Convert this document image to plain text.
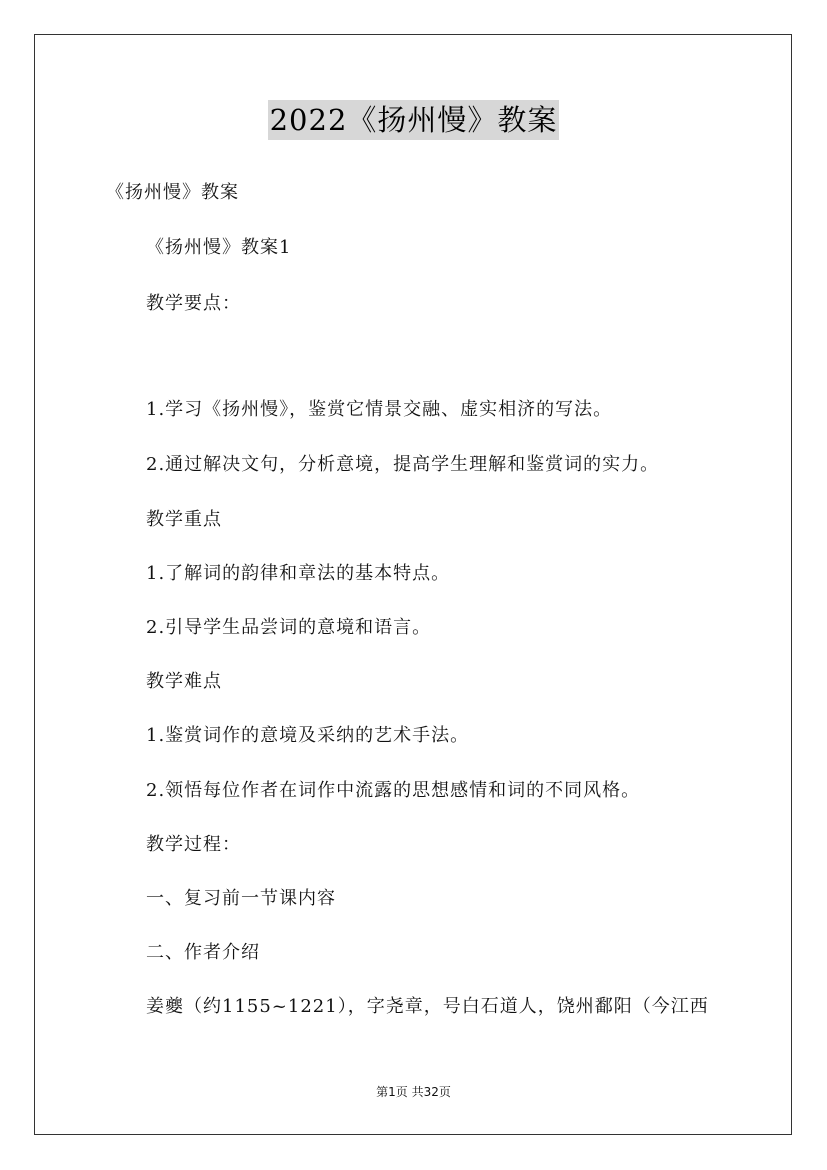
2022《扬州慢》教案
《扬州慢》教案
《扬州慢》教案1
教学要点：
1.学习《扬州慢》，鉴赏它情景交融、虚实相济的写法。
2.通过解决文句，分析意境，提高学生理解和鉴赏词的实力。
教学重点
1.了解词的韵律和章法的基本特点。
2.引导学生品尝词的意境和语言。
教学难点
1.鉴赏词作的意境及采纳的艺术手法。
2.领悟每位作者在词作中流露的思想感情和词的不同风格。
教学过程：
一、复习前一节课内容
二、作者介绍
姜夔（约1155~1221），字尧章，号白石道人，饶州鄱阳（今江西
第1页 共32页
